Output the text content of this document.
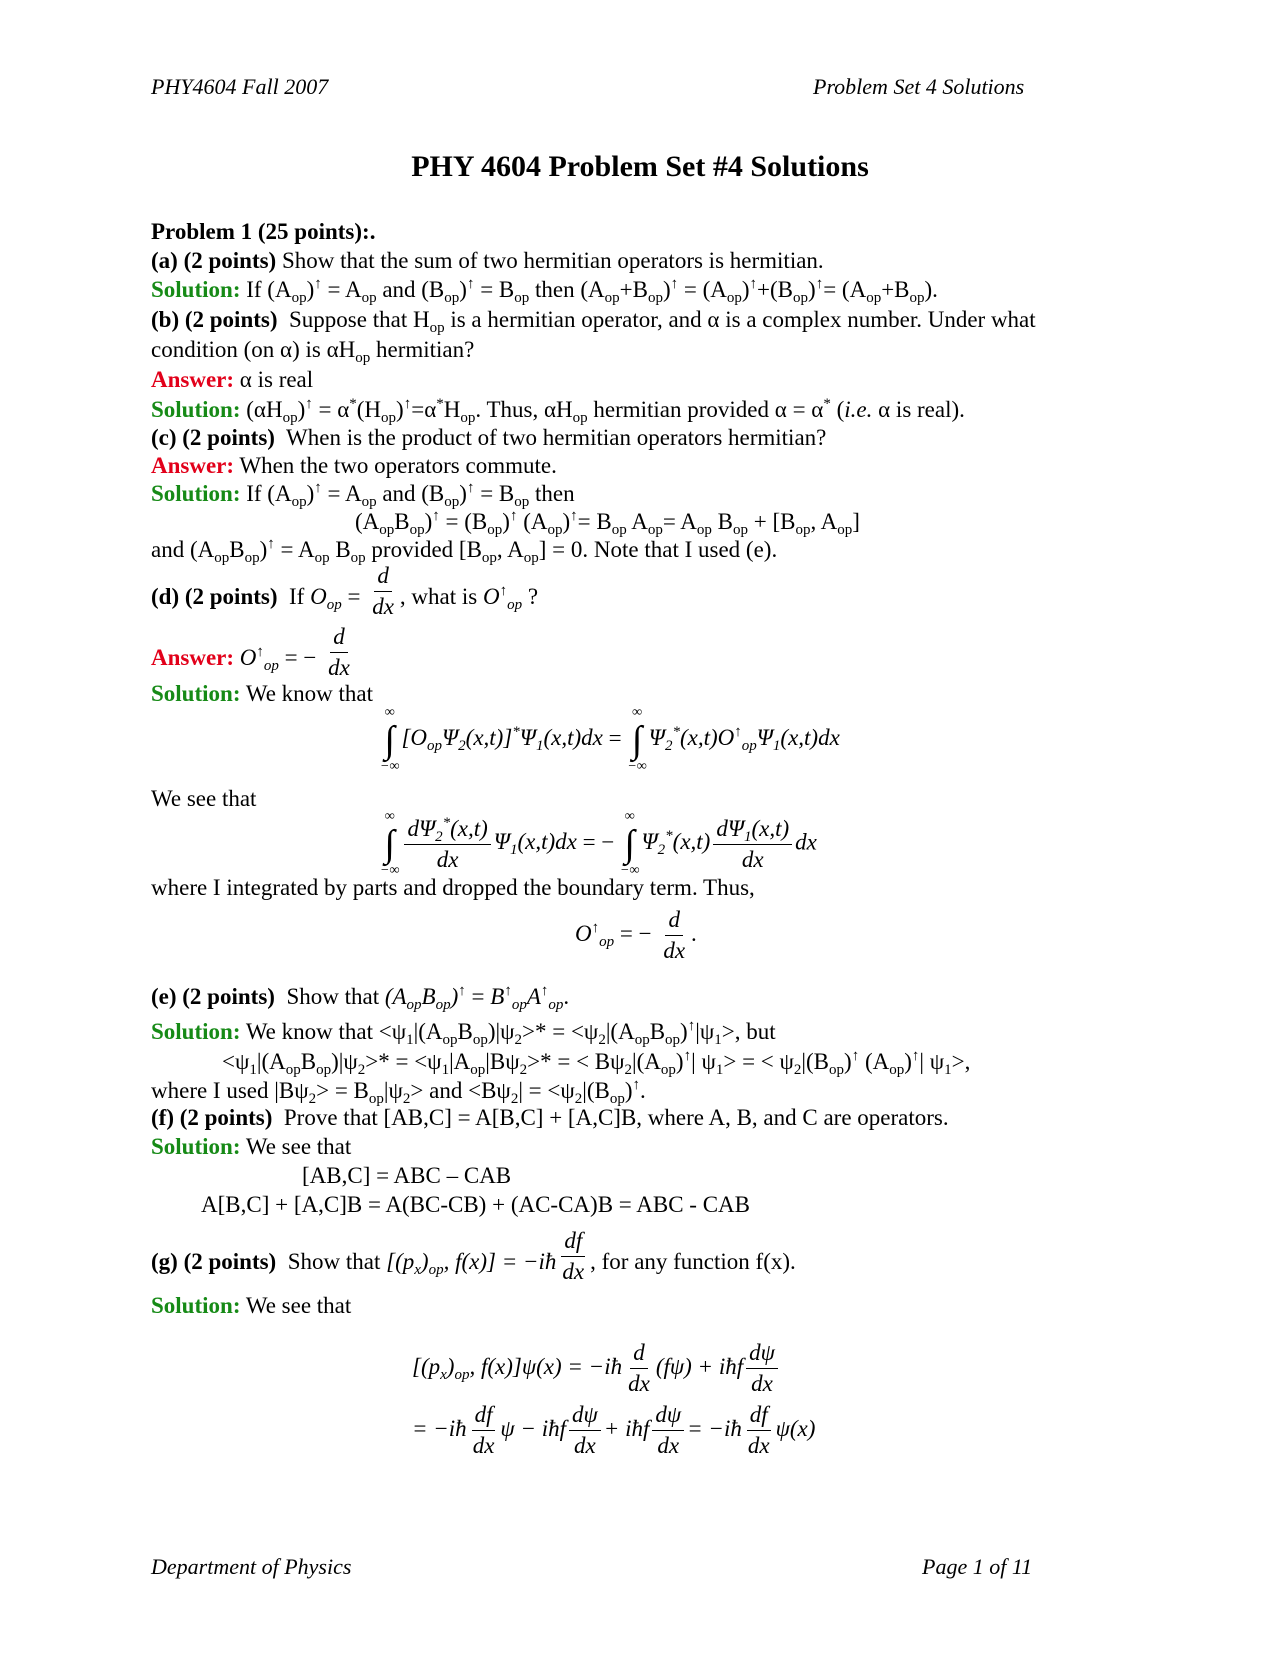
PHY4604 Fall 2007	Problem Set 4 Solutions
PHY 4604 Problem Set #4 Solutions
Problem 1 (25 points):.
(a) (2 points) Show that the sum of two hermitian operators is hermitian.
Solution: If $(A_{op})^↑ = A_{op}$ and $(B_{op})^↑ = B_{op}$ then $(A_{op}+B_{op})^↑ = (A_{op})^↑+(B_{op})^↑= (A_{op}+B_{op})$.
(b) (2 points) Suppose that $H_{op}$ is a hermitian operator, and α is a complex number. Under what
condition (on α) is $\alpha H_{op}$ hermitian?
Answer: α is real
Solution: $(\alpha H_{op})^↑ = \alpha^*(H_{op})^↑=\alpha^*H_{op}$. Thus, $\alpha H_{op}$ hermitian provided α = α* (i.e. α is real).
(c) (2 points) When is the product of two hermitian operators hermitian?
Answer: When the two operators commute.
Solution: If $(A_{op})^↑ = A_{op}$ and $(B_{op})^↑ = B_{op}$ then
$(A_{op}B_{op})^↑ = (B_{op})^↑$ $(A_{op})^↑= B_{op}$ $A_{op}= A_{op}$ $B_{op} + [B_{op}$, $A_{op}$]
and $(A_{op}B_{op})^↑ = A_{op}$ $B_{op}$ provided [$B_{op}$, $A_{op}] = 0$. Note that I used (e).
(d) (2 points) If $O_{op} = \frac{d}{dx}$ , what is $O^↑_{op}$ ?
Answer: $O^↑_{op}$ = − $\frac{d}{dx}$
Solution: We know that
∞
∫
−∞
$[O_{op}\Psi_2(x,t)]^*\Psi_1(x,t)dx$ =
∞
∫
−∞
$\Psi_2^*(x,t)O^↑_{op}\Psi_1(x,t)dx$
We see that
∞
∫
−∞ $\frac{d\Psi_2^*(x,t)}{dx} \Psi_1(x,t)dx$ = −
∞
∫
−∞
$\Psi_2^*(x,t) \frac{d\Psi_1(x,t)}{dx}$ dx
where I integrated by parts and dropped the boundary term. Thus,
$O^↑_{op}$ = − $\frac{d}{dx}$ .
(e) (2 points) Show that $(A_{op}B_{op})^↑ = B^↑_{op}A^↑_{op}$.
Solution: We know that $<\psi_1|(A_{op}B_{op})|\psi_2>* = <\psi_2|(A_{op}B_{op})^↑|\psi_1>$, but
$<\psi_1|(A_{op}B_{op})|\psi_2>* = <\psi_1|A_{op}|B\psi_2>*$ = < $B\psi_2|(A_{op})^↑|$ $\psi_1>$ = < $\psi_2|(B_{op})^↑$ $(A_{op})^↑|$ $\psi_1>$,
where I used $|B\psi_2> = B_{op}|\psi_2>$ and $<B\psi_2| = <\psi_2|(B_{op})^↑$.
(f) (2 points) Prove that [AB,C] = A[B,C] + [A,C]B, where A, B, and C are operators.
Solution: We see that
[AB,C] = ABC – CAB
A[B,C] + [A,C]B = A(BC-CB) + (AC-CA)B = ABC - CAB
(g) (2 points) Show that [$(p_x)_{op}$, f(x)] = −iħ $\frac{df}{dx}$ , for any function f(x).
Solution: We see that
[$(p_x)_{op}$, f(x)]ψ(x) = −iħ $\frac{d}{dx} (f\psi)$ + iħf $\frac{d\psi}{dx}$
= −iħ $\frac{df}{dx}$ ψ − iħf $\frac{d\psi}{dx}$ + iħf $\frac{d\psi}{dx}$ = −iħ $\frac{df}{dx} \psi(x)$
Department of Physics	Page 1 of 11
